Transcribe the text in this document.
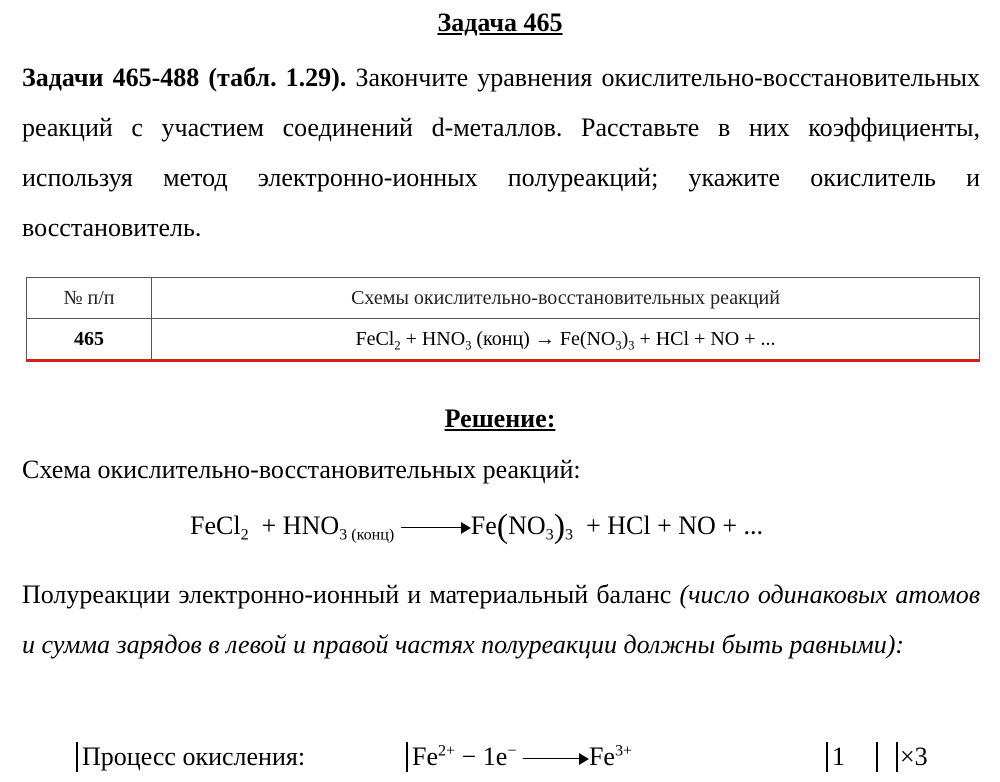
Задача 465
Задачи 465-488 (табл. 1.29). Закончите уравнения окислительно-восстановительных реакций с участием соединений d-металлов. Расставьте в них коэффициенты, используя метод электронно-ионных полуреакций; укажите окислитель и восстановитель.
№ п/п	Схемы окислительно-восстановительных реакций
465	FeCl$_2$ + $HNO_3$ (конц) → $Fe(NO_3)_3$ + HCl + NO + ...
Решение:
Схема окислительно-восстановительных реакций:
FeCl$_2$  + $HNO_{3 (конц)}$	$Fe(NO_3)_3$  + HCl + NO + ...
Полуреакции электронно-ионный и материальный баланс (число одинаковых атомов и сумма зарядов в левой и правой частях полуреакции должны быть равными):
Процесс окисления:	$Fe^{2+} - 1e^-$	$Fe^{3+}$	1 ×3
